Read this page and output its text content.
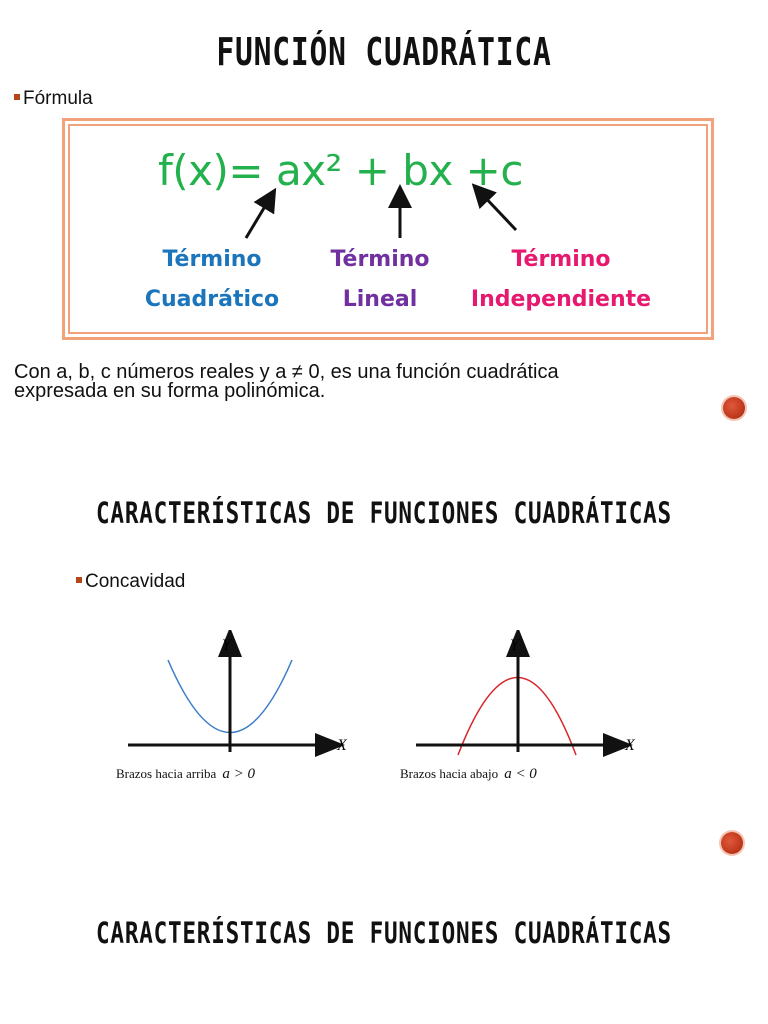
FUNCIÓN CUADRÁTICA
Fórmula
f(x)= ax² + bx +c
Término
Cuadrático
Término
Lineal
Término
Independiente
Con a, b, c números reales y a ≠ 0, es una función cuadrática
expresada en su forma polinómica.
CARACTERÍSTICAS DE FUNCIONES CUADRÁTICAS
Concavidad
Y
X
Brazos hacia arriba a > 0
Y
X
Brazos hacia abajo a < 0
CARACTERÍSTICAS DE FUNCIONES CUADRÁTICAS
